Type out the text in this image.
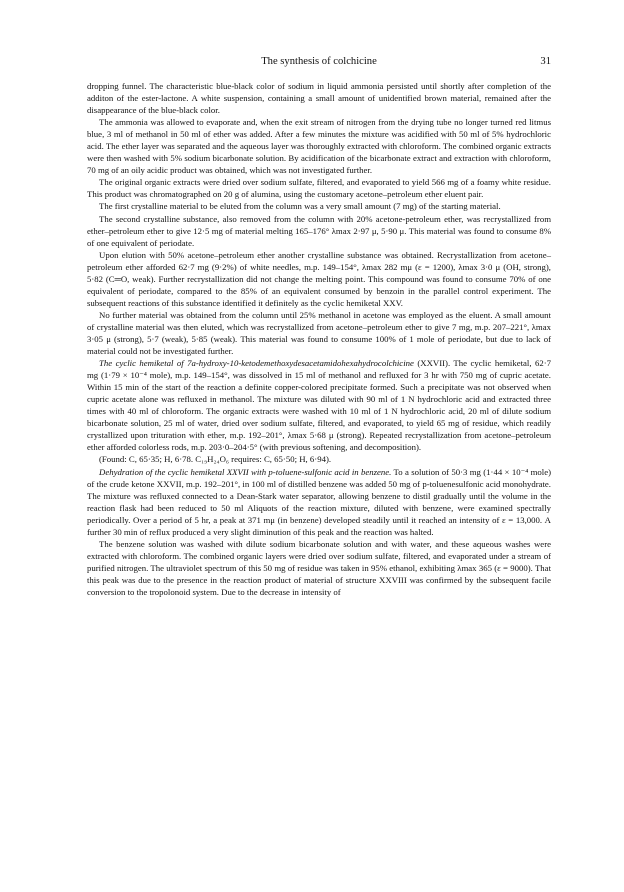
The synthesis of colchicine	31

dropping funnel. The characteristic blue-black color of sodium in liquid ammonia persisted until shortly after completion of the additon of the ester-lactone. A white suspension, containing a small amount of unidentified brown material, remained after the disappearance of the blue-black color.

The ammonia was allowed to evaporate and, when the exit stream of nitrogen from the drying tube no longer turned red litmus blue, 3 ml of methanol in 50 ml of ether was added. After a few minutes the mixture was acidified with 50 ml of 5% hydrochloric acid. The ether layer was separated and the aqueous layer was thoroughly extracted with chloroform. The combined organic extracts were then washed with 5% sodium bicarbonate solution. By acidification of the bicarbonate extract and extraction with chloroform, 70 mg of an oily acidic product was obtained, which was not investigated further.

The original organic extracts were dried over sodium sulfate, filtered, and evaporated to yield 566 mg of a foamy white residue. This product was chromatographed on 20 g of alumina, using the customary acetone–petroleum ether eluent pair.

The first crystalline material to be eluted from the column was a very small amount (7 mg) of the starting material.

The second crystalline substance, also removed from the column with 20% acetone-petroleum ether, was recrystallized from ether–petroleum ether to give 12·5 mg of material melting 165–176° λmax 2·97 μ, 5·90 μ. This material was found to consume 8% of one equivalent of periodate.

Upon elution with 50% acetone–petroleum ether another crystalline substance was obtained. Recrystallization from acetone–petroleum ether afforded 62·7 mg (9·2%) of white needles, m.p. 149–154°, λmax 282 mμ (ε = 1200), λmax 3·0 μ (OH, strong), 5·82 (C═O, weak). Further recrystallization did not change the melting point. This compound was found to consume 70% of one equivalent of periodate, compared to the 85% of an equivalent consumed by benzoin in the parallel control experiment. The subsequent reactions of this substance identified it definitely as the cyclic hemiketal XXV.

No further material was obtained from the column until 25% methanol in acetone was employed as the eluent. A small amount of crystalline material was then eluted, which was recrystallized from acetone–petroleum ether to give 7 mg, m.p. 207–221°, λmax 3·05 μ (strong), 5·7 (weak), 5·85 (weak). This material was found to consume 100% of 1 mole of periodate, but due to lack of material could not be investigated further.

The cyclic hemiketal of 7a-hydroxy-10-ketodemethoxydesacetamidohexahydrocolchicine (XXVII). The cyclic hemiketal, 62·7 mg (1·79 × 10⁻⁴ mole), m.p. 149–154°, was dissolved in 15 ml of methanol and refluxed for 3 hr with 750 mg of cupric acetate. Within 15 min of the start of the reaction a definite copper-colored precipitate formed. Such a precipitate was not observed when cupric acetate alone was refluxed in methanol. The mixture was diluted with 90 ml of 1 N hydrochloric acid and extracted three times with 40 ml of chloroform. The organic extracts were washed with 10 ml of 1 N hydrochloric acid, 20 ml of dilute sodium bicarbonate solution, 25 ml of water, dried over sodium sulfate, filtered, and evaporated, to yield 65 mg of residue, which readily crystallized upon trituration with ether, m.p. 192–201°, λmax 5·68 μ (strong). Repeated recrystallization from acetone–petroleum ether afforded colorless rods, m.p. 203·0–204·5° (with previous softening, and decomposition).

(Found: C, 65·35; H, 6·78. C₁₉H₂₄O₆ requires: C, 65·50; H, 6·94).

Dehydration of the cyclic hemiketal XXVII with p-toluene-sulfonic acid in benzene. To a solution of 50·3 mg (1·44 × 10⁻⁴ mole) of the crude ketone XXVII, m.p. 192–201°, in 100 ml of distilled benzene was added 50 mg of p-toluenesulfonic acid monohydrate. The mixture was refluxed connected to a Dean-Stark water separator, allowing benzene to distil gradually until the volume in the reaction flask had been reduced to 50 ml Aliquots of the reaction mixture, diluted with benzene, were examined spectrally periodically. Over a period of 5 hr, a peak at 371 mμ (in benzene) developed steadily until it reached an intensity of ε = 13,000. A further 30 min of reflux produced a very slight diminution of this peak and the reaction was halted.

The benzene solution was washed with dilute sodium bicarbonate solution and with water, and these aqueous washes were extracted with chloroform. The combined organic layers were dried over sodium sulfate, filtered, and evaporated under a stream of purified nitrogen. The ultraviolet spectrum of this 50 mg of residue was taken in 95% ethanol, exhibiting λmax 365 (ε = 9000). That this peak was due to the presence in the reaction product of material of structure XXVIII was confirmed by the subsequent facile conversion to the tropolonoid system. Due to the decrease in intensity of
